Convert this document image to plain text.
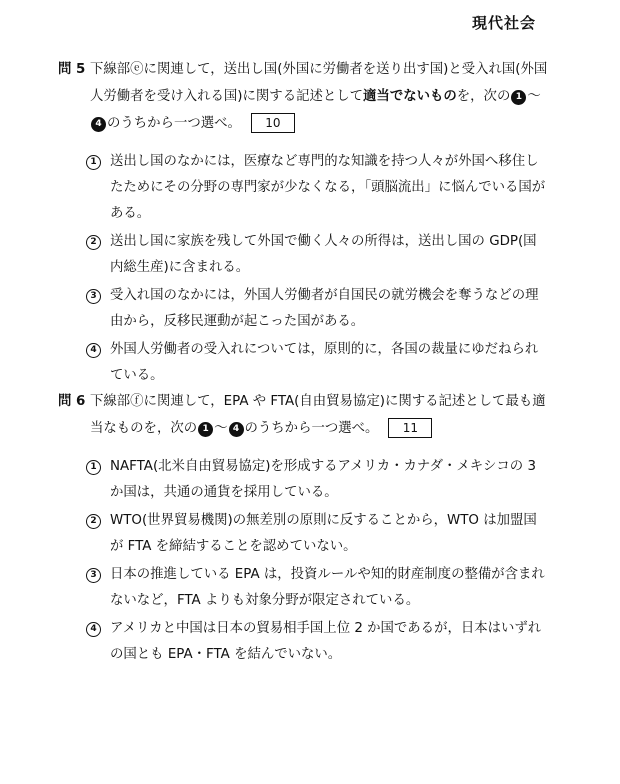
現代社会
問 5 下線部ⓔに関連して，送出し国(外国に労働者を送り出す国)と受入れ国(外国人労働者を受け入れる国)に関する記述として適当でないものを，次の 1 〜4 のうちから一つ選べ。 10
1 送出し国のなかには，医療など専門的な知識を持つ人々が外国へ移住したためにその分野の専門家が少なくなる，「頭脳流出」に悩んでいる国がある。
2 送出し国に家族を残して外国で働く人々の所得は，送出し国の GDP(国内総生産)に含まれる。
3 受入れ国のなかには，外国人労働者が自国民の就労機会を奪うなどの理由から，反移民運動が起こった国がある。
4 外国人労働者の受入れについては，原則的に，各国の裁量にゆだねられている。
問 6 下線部ⓕに関連して，EPA や FTA(自由貿易協定)に関する記述として最も適当なものを，次の 1 〜 4 のうちから一つ選べ。 11
1 NAFTA(北米自由貿易協定)を形成するアメリカ・カナダ・メキシコの 3 か国は，共通の通貨を採用している。
2 WTO(世界貿易機関)の無差別の原則に反することから，WTO は加盟国が FTA を締結することを認めていない。
3 日本の推進している EPA は，投資ルールや知的財産制度の整備が含まれないなど，FTA よりも対象分野が限定されている。
4 アメリカと中国は日本の貿易相手国上位 2 か国であるが，日本はいずれの国とも EPA・FTA を結んでいない。
